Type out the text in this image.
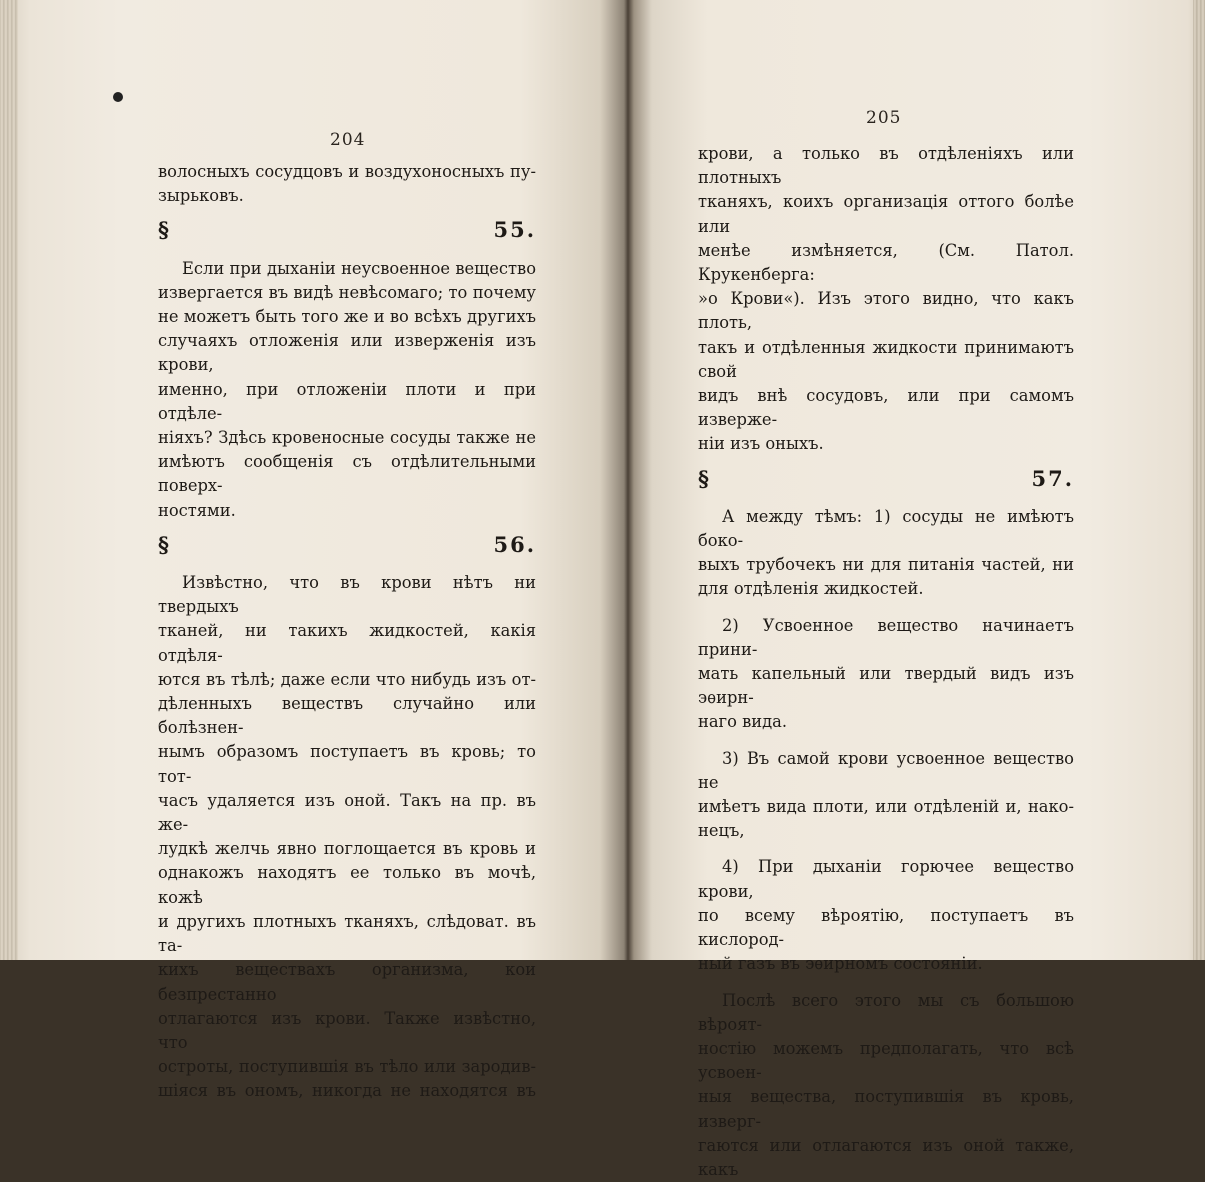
204

волосныхъ сосудцовъ и воздухоносныхъ пу-

зырьковъ.

§ 55.

Если при дыханiи неусвоенное вещество

извергается въ видѣ невѣсомаго; то почему

не можетъ быть того же и во всѣхъ другихъ

случаяхъ отложенiя или изверженiя изъ крови,

именно, при отложенiи плоти и при отдѣле-

нiяхъ? Здѣсь кровеносные сосуды также не

имѣютъ сообщенiя съ отдѣлительными поверх-

ностями.

§ 56.

Извѣстно, что въ крови нѣтъ ни твердыхъ

тканей, ни такихъ жидкостей, какiя отдѣля-

ются въ тѣлѣ; даже если что нибудь изъ от-

дѣленныхъ веществъ случайно или болѣзнен-

нымъ образомъ поступаетъ въ кровь; то тот-

часъ удаляется изъ оной. Такъ на пр. въ же-

лудкѣ желчь явно поглощается въ кровь и

однакожъ находятъ ее только въ мочѣ, кожѣ

и другихъ плотныхъ тканяхъ, слѣдоват. въ та-

кихъ веществахъ организма, кои безпрестанно

отлагаются изъ крови. Также извѣстно, что

остроты, поступившiя въ тѣло или зародив-

шiяся въ ономъ, никогда не находятся въ

205

крови, а только въ отдѣленiяхъ или плотныхъ

тканяхъ, коихъ организацiя оттого болѣе или

менѣе измѣняется, (См. Патол. Крукенберга:

»о Крови«). Изъ этого видно, что какъ плоть,

такъ и отдѣленныя жидкости принимаютъ свой

видъ внѣ сосудовъ, или при самомъ изверже-

нiи изъ оныхъ.

§ 57.

А между тѣмъ: 1) сосуды не имѣютъ боко-

выхъ трубочекъ ни для питанiя частей, ни

для отдѣленiя жидкостей.

2) Усвоенное вещество начинаетъ прини-

мать капельный или твердый видъ изъ эѳирн-

наго вида.

3) Въ самой крови усвоенное вещество не

имѣетъ вида плоти, или отдѣленiй и, нако-

нецъ,

4) При дыханiи горючее вещество крови,

по всему вѣроятiю, поступаетъ въ кислород-

ный газъ въ эѳирномъ состоянiи.

Послѣ всего этого мы съ большою вѣроят-

ностiю можемъ предполагать, что всѣ усвоен-

ныя вещества, поступившiя въ кровь, изверг-

гаются или отлагаются изъ оной также, какъ
